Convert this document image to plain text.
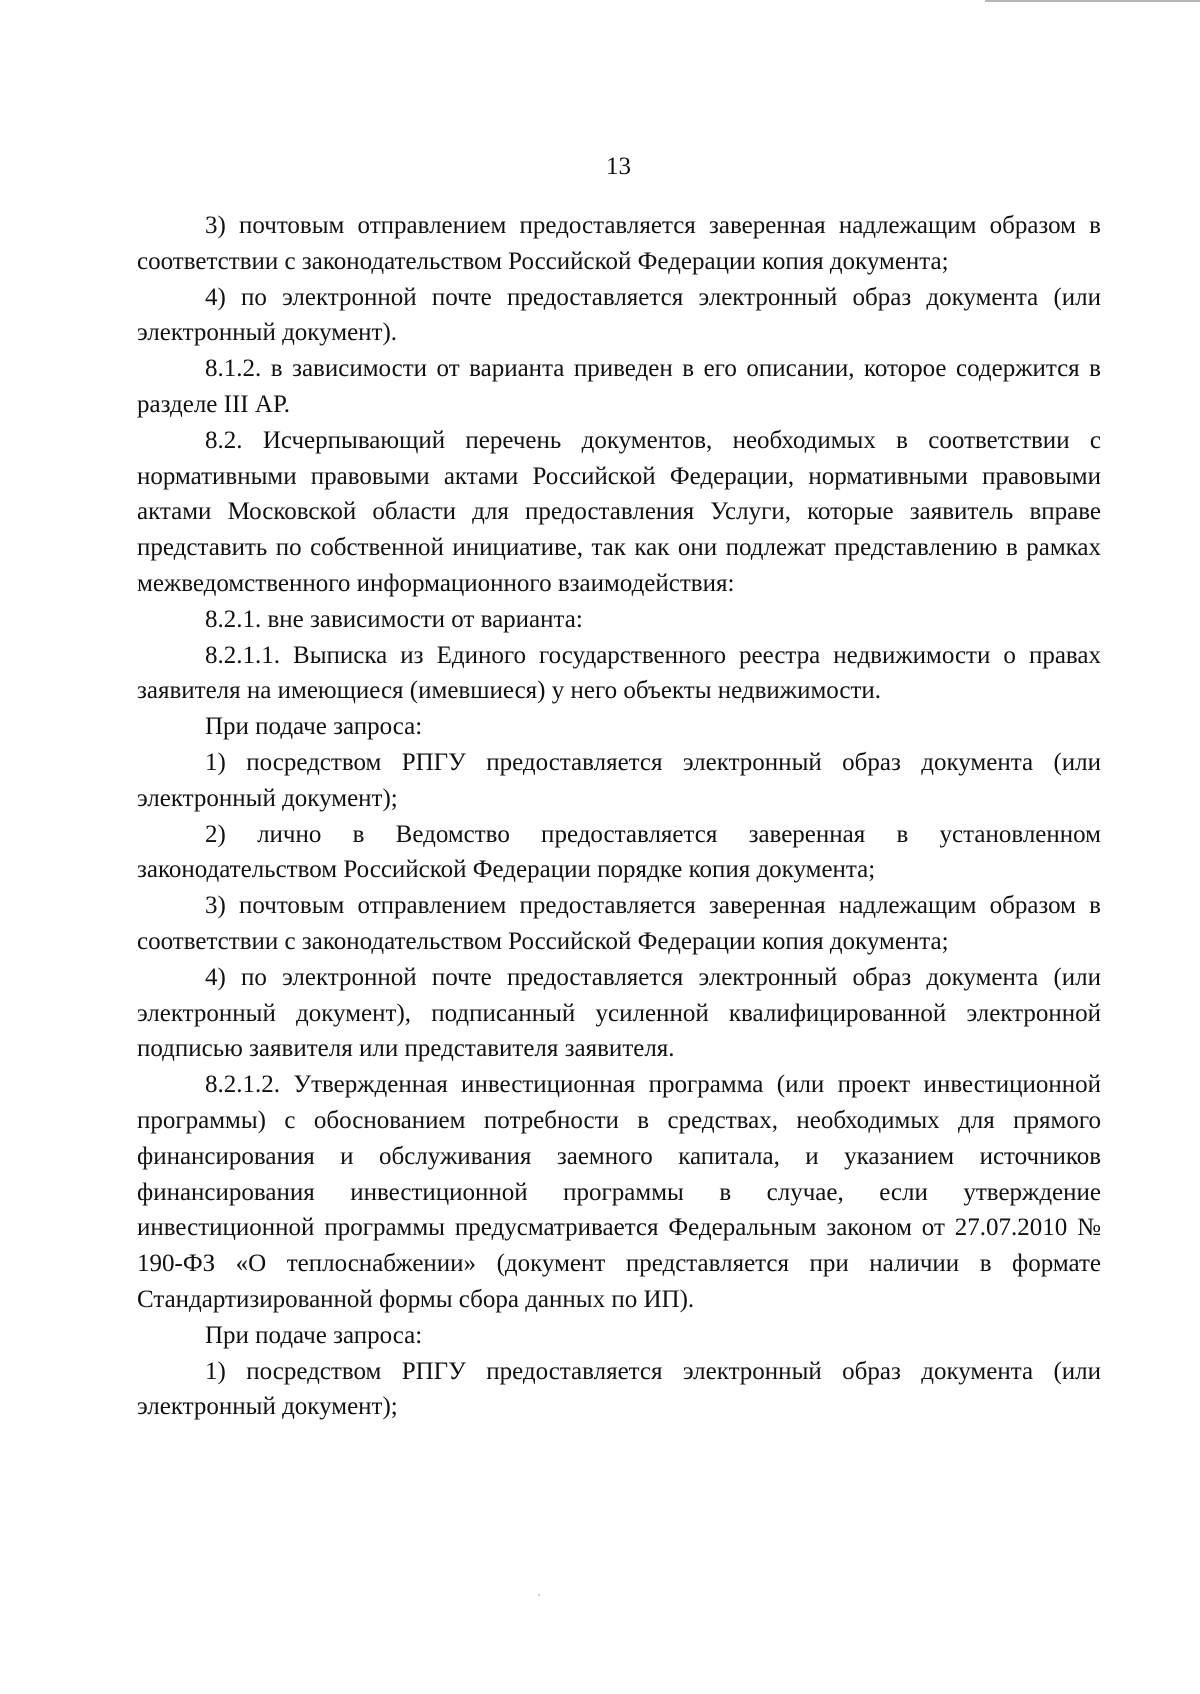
13

3) почтовым отправлением предоставляется заверенная надлежащим образом в соответствии с законодательством Российской Федерации копия документа;

4) по электронной почте предоставляется электронный образ документа (или электронный документ).

8.1.2. в зависимости от варианта приведен в его описании, которое содержится в разделе III АР.

8.2. Исчерпывающий перечень документов, необходимых в соответствии с нормативными правовыми актами Российской Федерации, нормативными правовыми актами Московской области для предоставления Услуги, которые заявитель вправе представить по собственной инициативе, так как они подлежат представлению в рамках межведомственного информационного взаимодействия:

8.2.1. вне зависимости от варианта:

8.2.1.1. Выписка из Единого государственного реестра недвижимости о правах заявителя на имеющиеся (имевшиеся) у него объекты недвижимости.

При подаче запроса:

1) посредством РПГУ предоставляется электронный образ документа (или электронный документ);

2) лично в Ведомство предоставляется заверенная в установленном законодательством Российской Федерации порядке копия документа;

3) почтовым отправлением предоставляется заверенная надлежащим образом в соответствии с законодательством Российской Федерации копия документа;

4) по электронной почте предоставляется электронный образ документа (или электронный документ), подписанный усиленной квалифицированной электронной подписью заявителя или представителя заявителя.

8.2.1.2. Утвержденная инвестиционная программа (или проект инвестиционной программы) с обоснованием потребности в средствах, необходимых для прямого финансирования и обслуживания заемного капитала, и указанием источников финансирования инвестиционной программы в случае, если утверждение инвестиционной программы предусматривается Федеральным законом от 27.07.2010 № 190-ФЗ «О теплоснабжении» (документ представляется при наличии в формате Стандартизированной формы сбора данных по ИП).

При подаче запроса:

1) посредством РПГУ предоставляется электронный образ документа (или электронный документ);
